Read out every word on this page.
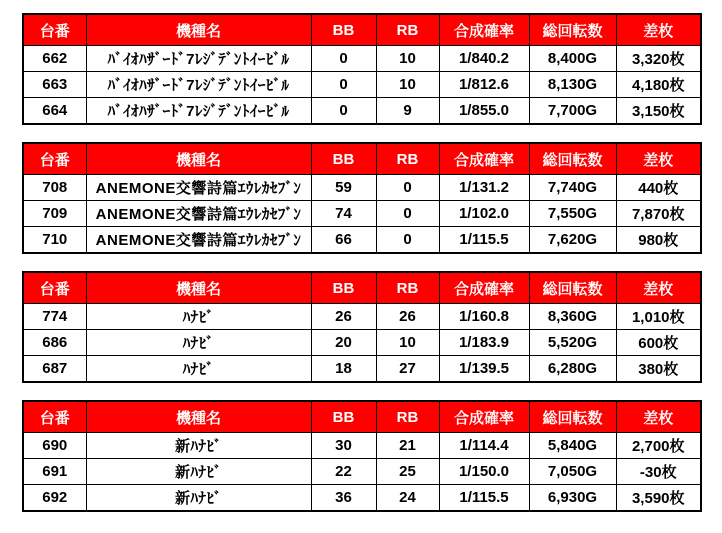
台番	機種名	BB	RB	合成確率	総回転数	差枚
662	ﾊﾞｲｵﾊｻﾞｰﾄﾞ7ﾚｼﾞﾃﾞﾝﾄｲｰﾋﾞﾙ	0	10	1/840.2	8,400G	3,320枚
663	ﾊﾞｲｵﾊｻﾞｰﾄﾞ7ﾚｼﾞﾃﾞﾝﾄｲｰﾋﾞﾙ	0	10	1/812.6	8,130G	4,180枚
664	ﾊﾞｲｵﾊｻﾞｰﾄﾞ7ﾚｼﾞﾃﾞﾝﾄｲｰﾋﾞﾙ	0	9	1/855.0	7,700G	3,150枚
台番	機種名	BB	RB	合成確率	総回転数	差枚
708	ANEMONE交響詩篇ｴｳﾚｶｾﾌﾞﾝ	59	0	1/131.2	7,740G	440枚
709	ANEMONE交響詩篇ｴｳﾚｶｾﾌﾞﾝ	74	0	1/102.0	7,550G	7,870枚
710	ANEMONE交響詩篇ｴｳﾚｶｾﾌﾞﾝ	66	0	1/115.5	7,620G	980枚
台番	機種名	BB	RB	合成確率	総回転数	差枚
774	ﾊﾅﾋﾞ	26	26	1/160.8	8,360G	1,010枚
686	ﾊﾅﾋﾞ	20	10	1/183.9	5,520G	600枚
687	ﾊﾅﾋﾞ	18	27	1/139.5	6,280G	380枚
台番	機種名	BB	RB	合成確率	総回転数	差枚
690	新ﾊﾅﾋﾞ	30	21	1/114.4	5,840G	2,700枚
691	新ﾊﾅﾋﾞ	22	25	1/150.0	7,050G	-30枚
692	新ﾊﾅﾋﾞ	36	24	1/115.5	6,930G	3,590枚
